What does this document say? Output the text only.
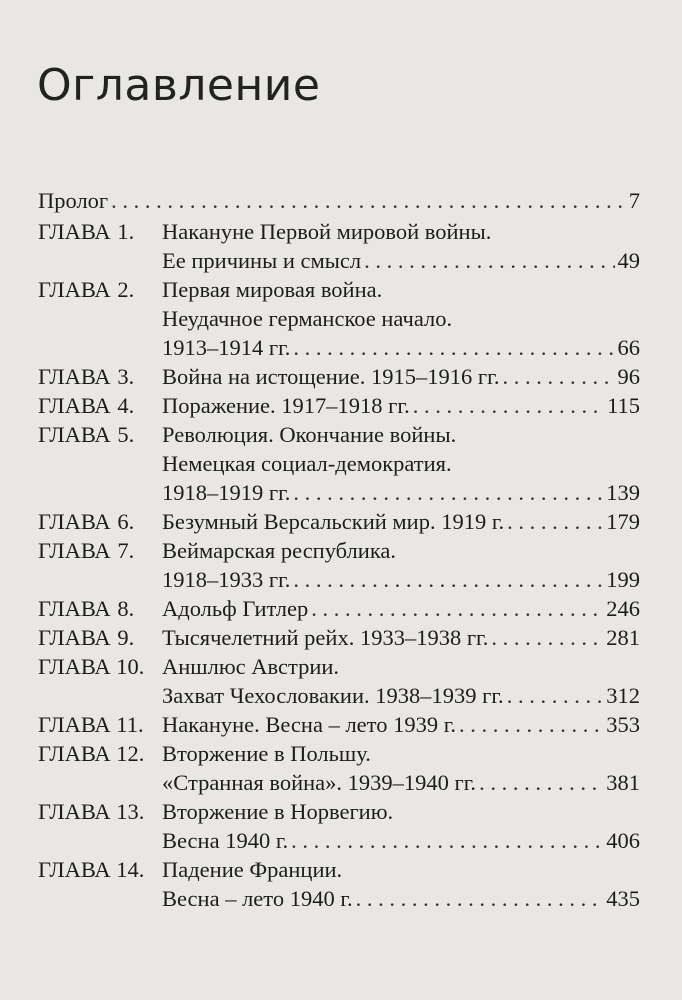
Оглавление
Пролог . . .	7
ГЛАВА 1.	Накануне Первой мировой войны.
Ее причины и смысл . . .	49
ГЛАВА 2.	Первая мировая война.
Неудачное германское начало.
1913–1914 гг. . . .	66
ГЛАВА 3.	Война на истощение. 1915–1916 гг. . . .	96
ГЛАВА 4.	Поражение. 1917–1918 гг. . . .	115
ГЛАВА 5.	Революция. Окончание войны.
Немецкая социал-демократия.
1918–1919 гг. . . .	139
ГЛАВА 6.	Безумный Версальский мир. 1919 г. . . .	179
ГЛАВА 7.	Веймарская республика.
1918–1933 гг. . . .	199
ГЛАВА 8.	Адольф Гитлер . . .	246
ГЛАВА 9.	Тысячелетний рейх. 1933–1938 гг. . . .	281
ГЛАВА 10. Аншлюс Австрии.
Захват Чехословакии. 1938–1939 гг. . . .	312
ГЛАВА 11. Накануне. Весна – лето 1939 г. . . .	353
ГЛАВА 12. Вторжение в Польшу.
«Странная война». 1939–1940 гг. . . .	381
ГЛАВА 13. Вторжение в Норвегию.
Весна 1940 г. . . .	406
ГЛАВА 14. Падение Франции.
Весна – лето 1940 г. . . .	435
